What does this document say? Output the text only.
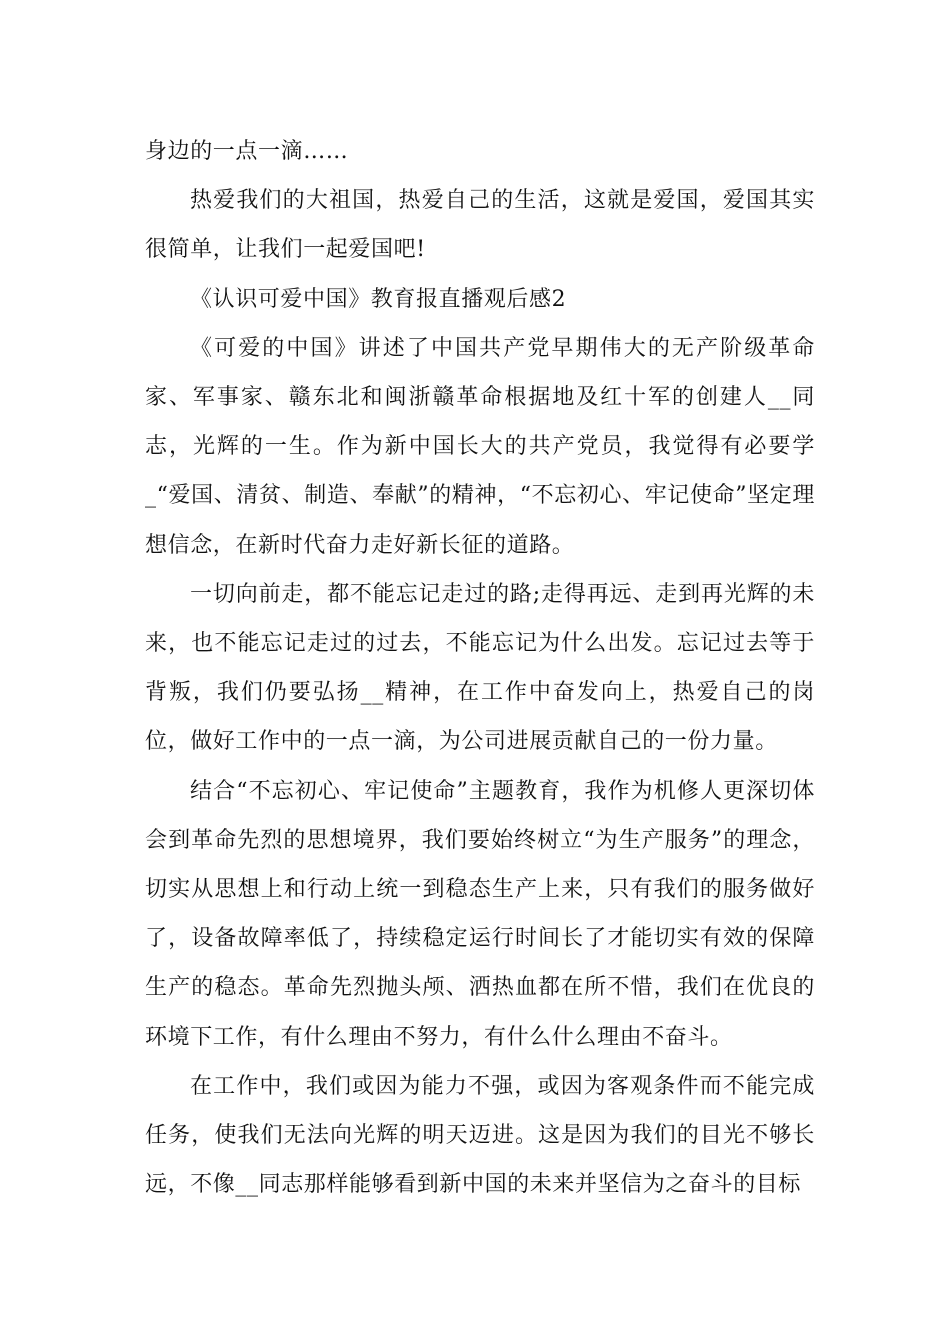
身边的一点一滴……

热爱我们的大祖国，热爱自己的生活，这就是爱国，爱国其实很简单，让我们一起爱国吧!

《认识可爱中国》教育报直播观后感2

《可爱的中国》讲述了中国共产党早期伟大的无产阶级革命家、军事家、赣东北和闽浙赣革命根据地及红十军的创建人__同志，光辉的一生。作为新中国长大的共产党员，我觉得有必要学_“爱国、清贫、制造、奉献”的精神，“不忘初心、牢记使命”坚定理想信念，在新时代奋力走好新长征的道路。

一切向前走，都不能忘记走过的路;走得再远、走到再光辉的未来，也不能忘记走过的过去，不能忘记为什么出发。忘记过去等于背叛，我们仍要弘扬__精神，在工作中奋发向上，热爱自己的岗位，做好工作中的一点一滴，为公司进展贡献自己的一份力量。

结合“不忘初心、牢记使命”主题教育，我作为机修人更深切体会到革命先烈的思想境界，我们要始终树立“为生产服务”的理念，切实从思想上和行动上统一到稳态生产上来，只有我们的服务做好了，设备故障率低了，持续稳定运行时间长了才能切实有效的保障生产的稳态。革命先烈抛头颅、洒热血都在所不惜，我们在优良的环境下工作，有什么理由不努力，有什么什么理由不奋斗。

在工作中，我们或因为能力不强，或因为客观条件而不能完成任务，使我们无法向光辉的明天迈进。这是因为我们的目光不够长远，不像__同志那样能够看到新中国的未来并坚信为之奋斗的目标
